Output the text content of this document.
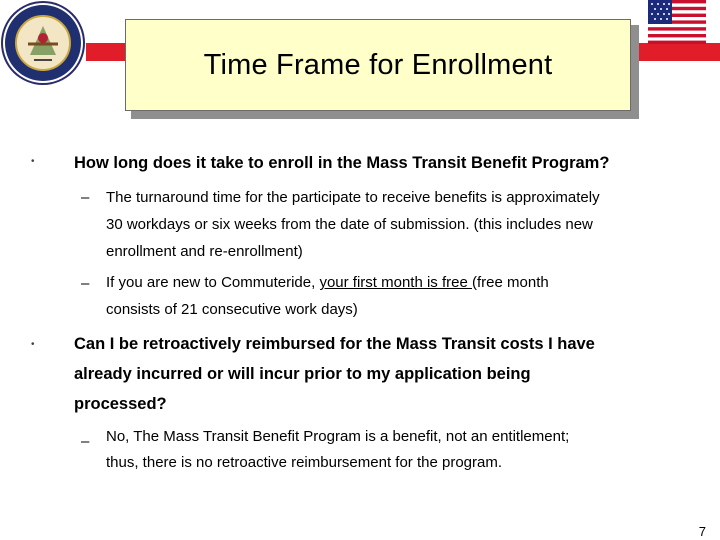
Time Frame for Enrollment
• How long does it take to enroll in the Mass Transit Benefit Program?
– The turnaround time for the participate to receive benefits is approximately
30 workdays or six weeks from the date of submission. (this includes new
enrollment and re-enrollment)
– If you are new to Commuteride, your first month is free (free month
consists of 21 consecutive work days)
• Can I be retroactively reimbursed for the Mass Transit costs I have
already incurred or will incur prior to my application being
processed?
– No, The Mass Transit Benefit Program is a benefit, not an entitlement;
thus, there is no retroactive reimbursement for the program.
7
